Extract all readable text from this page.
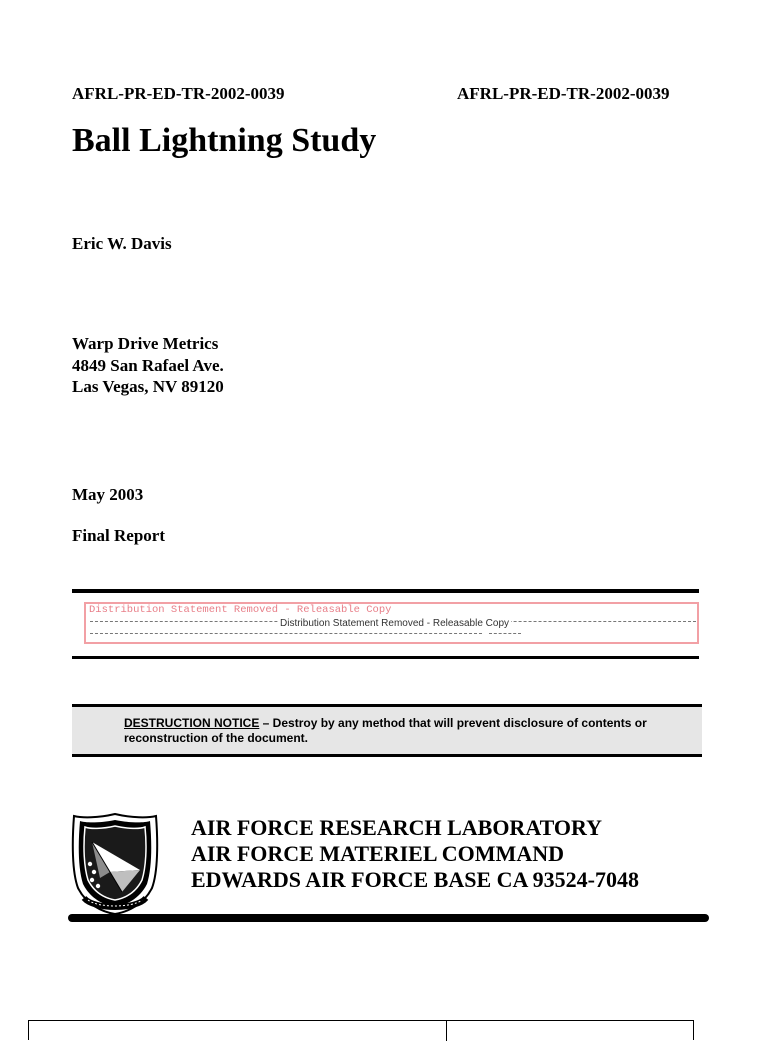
AFRL-PR-ED-TR-2002-0039	AFRL-PR-ED-TR-2002-0039
Ball Lightning Study
Eric W. Davis
Warp Drive Metrics
4849 San Rafael Ave.
Las Vegas, NV 89120
May 2003
Final Report
Distribution Statement Removed - Releasable Copy
Distribution Statement Removed - Releasable Copy
DESTRUCTION NOTICE – Destroy by any method that will prevent disclosure of contents or reconstruction of the document.
AIR FORCE RESEARCH LABORATORY
AIR FORCE MATERIEL COMMAND
EDWARDS AIR FORCE BASE CA 93524-7048
